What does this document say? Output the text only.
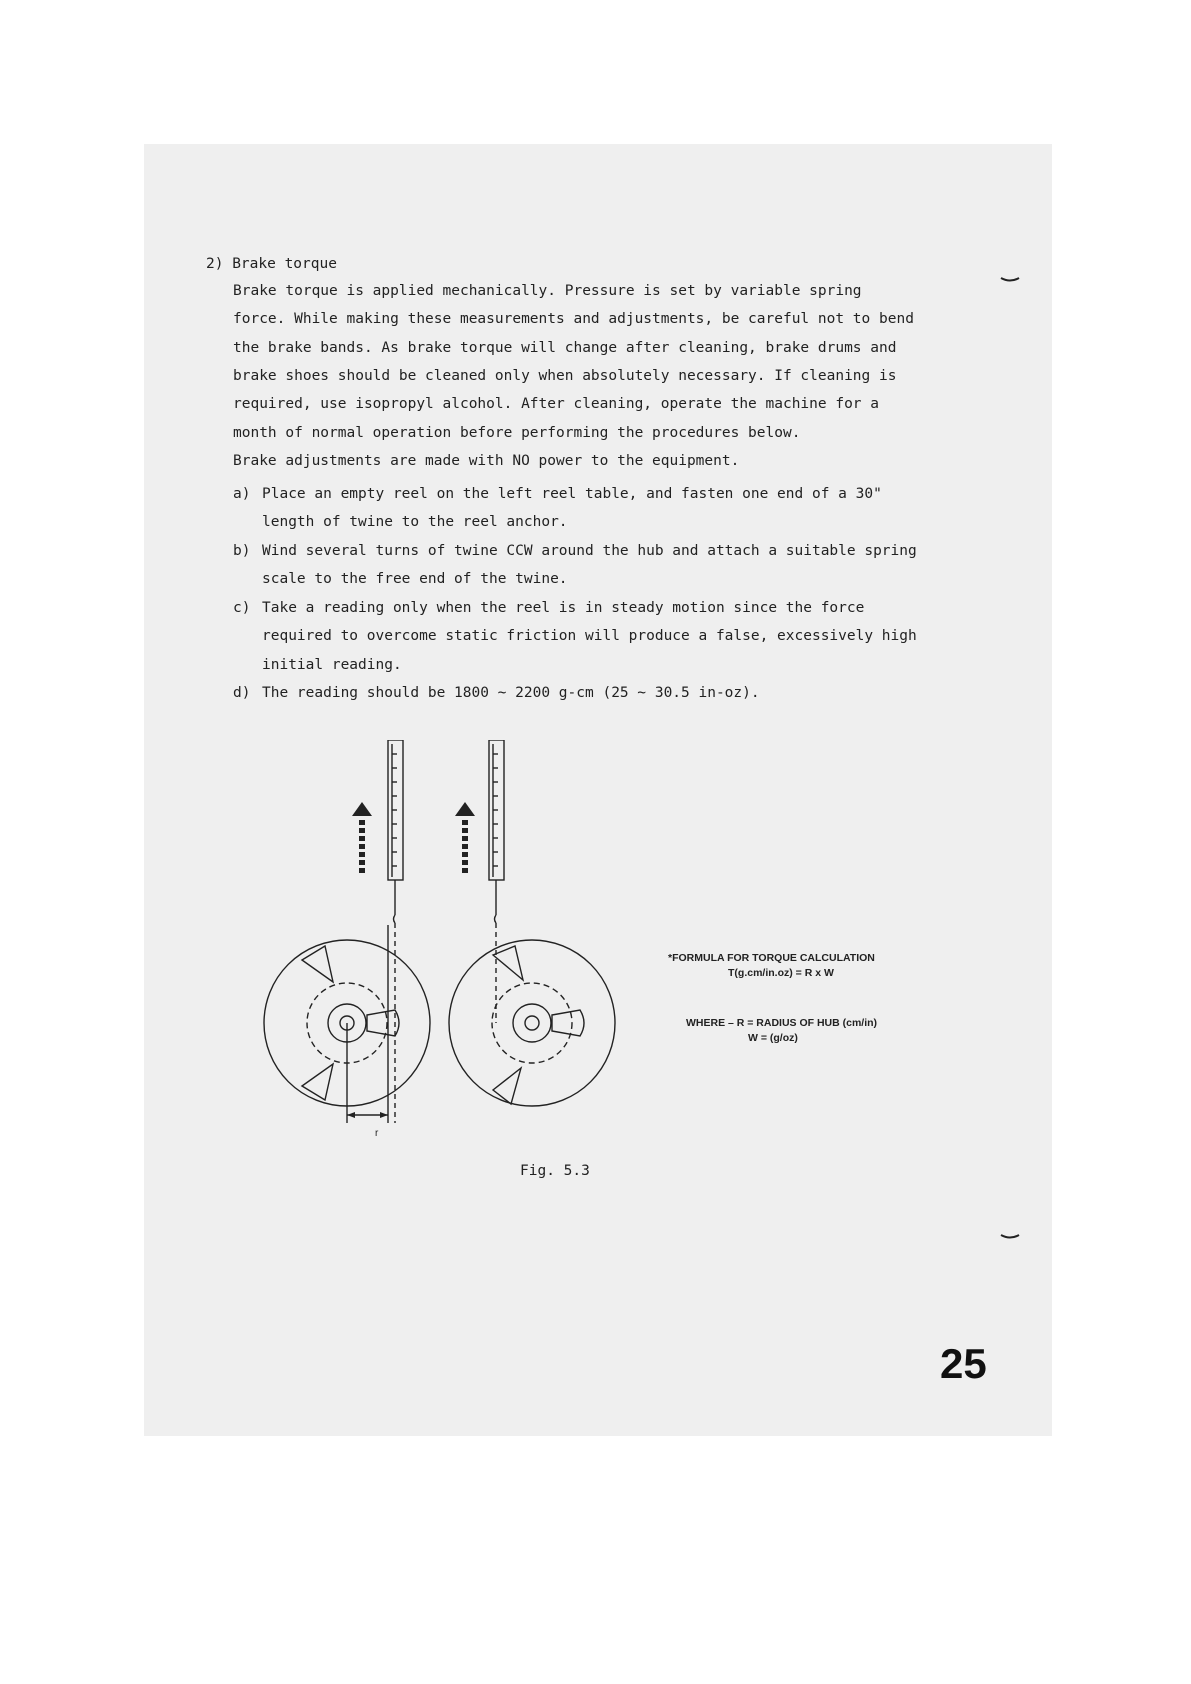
2) Brake torque
Brake torque is applied mechanically. Pressure is set by variable spring
force. While making these measurements and adjustments, be careful not to bend
the brake bands. As brake torque will change after cleaning, brake drums and
brake shoes should be cleaned only when absolutely necessary. If cleaning is
required, use isopropyl alcohol. After cleaning, operate the machine for a
month of normal operation before performing the procedures below.
Brake adjustments are made with NO power to the equipment.
a) Place an empty reel on the left reel table, and fasten one end of a 30"
length of twine to the reel anchor.
b) Wind several turns of twine CCW around the hub and attach a suitable spring
scale to the free end of the twine.
c) Take a reading only when the reel is in steady motion since the force
required to overcome static friction will produce a false, excessively high
initial reading.
d) The reading should be 1800 ∼ 2200 g-cm (25 ∼ 30.5 in-oz).
r
*FORMULA FOR TORQUE CALCULATION
T(g.cm/in.oz) = R x W
WHERE – R = RADIUS OF HUB (cm/in)
W = (g/oz)
Fig. 5.3
25
